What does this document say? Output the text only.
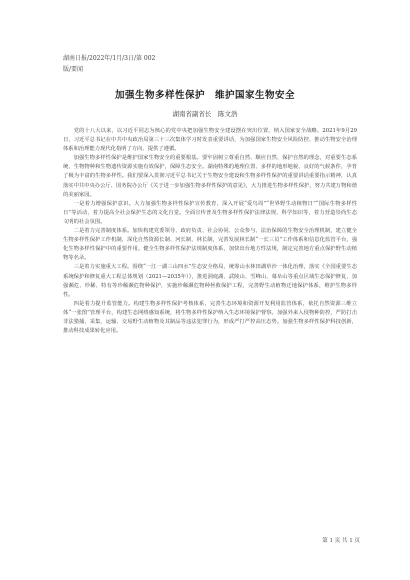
湖南日报/2022年/1月/3日/第 002
版/要闻
加强生物多样性保护　维护国家生物安全
湖南省副省长　陈文浩

党的十八大以来，以习近平同志为核心的党中央把加强生物安全建设摆在突出位置，纳入国家安全战略。2021年9月29日，习近平总书记在中共中央政治局第三十三次集体学习时发表重要讲话，为加强国家生物安全风险防控、推动生物安全治理体系和治理能力现代化指明了方向、提供了遵循。

加强生物多样性保护是维护国家生物安全的重要根基。要牢固树立尊重自然、顺应自然、保护自然的理念，对重要生态系统、生物物种和生物遗传资源实施有效保护，保障生态安全。湖南特殊的地理位置、多样的地形地貌、良好的气候条件，孕育了极为丰富的生物多样性。我们要深入贯彻习近平总书记关于生物安全建设和生物多样性保护的重要讲话重要指示精神，认真落实中共中央办公厅、国务院办公厅《关于进一步加强生物多样性保护的意见》，大力推进生物多样性保护，努力共建万物和谐的美丽家园。

一是着力增强保护意识。大力加强生物多样性保护宣传教育，深入开展“爱鸟周”“世界野生动植物日”“国际生物多样性日”等活动，着力提高全社会保护生态的文化自觉。全面宣传普及生物多样性保护法律法规、科学知识等，着力营造崇尚生态文明的社会氛围。

二是着力完善制度体系。加快构建党委领导、政府负责、社会协同、公众参与、法治保障的生物安全治理机制，建立健全生物多样性保护工作机制，深化自然资源长制、河长制、林长制，完善发展林长制“一长三员”工作体系和信息化监管平台，强化生物多样性保护中的重要作用。健全生物多样性保护法规制度体系，加快出台地方性法规，制定完善地方重点保护野生动植物等名录。

三是着力实施重大工程。围绕“一江一湖三山四水”生态安全格局，统筹山水林田湖草沙一体化治理，落实《全国重要生态系统保护和修复重大工程总体规划（2021—2035年）》，推进洞庭湖、武陵山、雪峰山、幕阜山等重点区域生态保护修复，加强濒危、珍稀、特有等珍稀濒危物种保护，实施珍稀濒危物种拯救保护工程，完善野生动植物迁地保护体系，维护生物多样性。

四是着力提升监管能力。构建生物多样性保护考核体系，完善生态环境和资源开发利用监管体系，依托自然资源三维立体“一张图”管理平台，构建生态网络感知系统，将生物多样性保护纳入生态环境保护督察。加强外来入侵物种防控，严防打击非法猎捕、采集、运输、交易野生动植物及其制品等违法犯罪行为，形成严打严控高压态势。加强生物多样性保护科技创新，推动科技成果转化应用。

第 1 页 共 1 页
